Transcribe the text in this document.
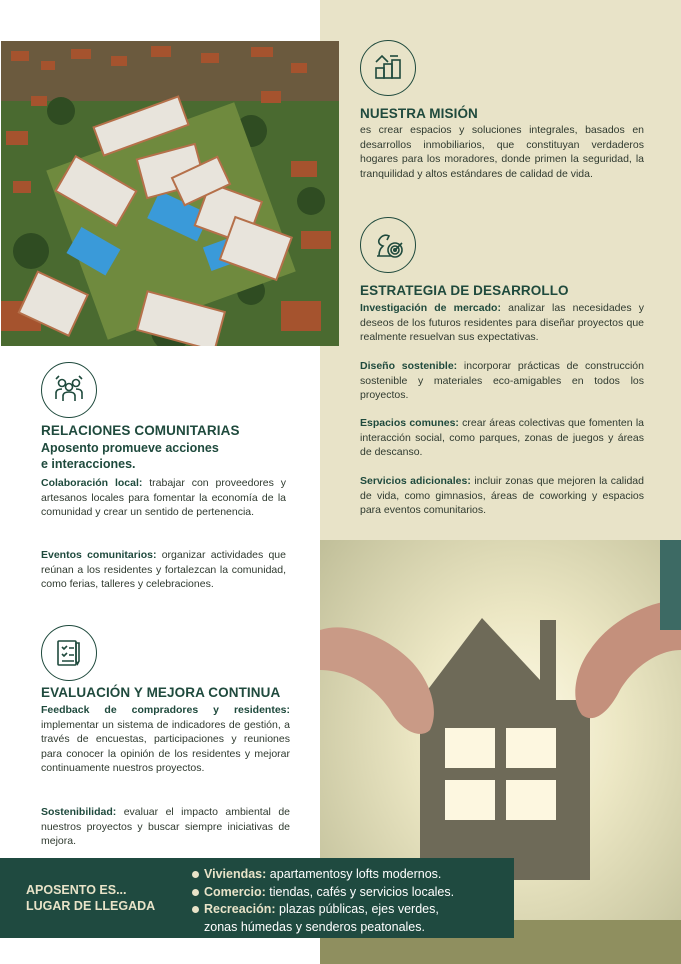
NUESTRA MISIÓN
es crear espacios y soluciones integrales, basados en desarrollos inmobiliarios, que constituyan verdaderos hogares para los moradores, donde primen la seguridad, la tranquilidad y altos estándares de calidad de vida.
ESTRATEGIA DE DESARROLLO
Investigación de mercado: analizar las necesidades y deseos de los futuros residentes para diseñar proyectos que realmente resuelvan sus expectativas.
Diseño sostenible: incorporar prácticas de construcción sostenible y materiales eco-amigables en todos los proyectos.
Espacios comunes: crear áreas colectivas que fomenten la interacción social, como parques, zonas de juegos y áreas de descanso.
Servicios adicionales: incluir zonas que mejoren la calidad de vida, como gimnasios, áreas de coworking y espacios para eventos comunitarios.
RELACIONES COMUNITARIAS
Aposento promueve acciones
e interacciones.
Colaboración local: trabajar con proveedores y artesanos locales para fomentar la economía de la comunidad y crear un sentido de pertenencia.
Eventos comunitarios: organizar actividades que reúnan a los residentes y fortalezcan la comunidad, como ferias, talleres y celebraciones.
EVALUACIÓN Y MEJORA CONTINUA
Feedback de compradores y residentes: implementar un sistema de indicadores de gestión, a través de encuestas, participaciones y reuniones para conocer la opinión de los residentes y mejorar continuamente nuestros proyectos.
Sostenibilidad: evaluar el impacto ambiental de nuestros proyectos y buscar siempre iniciativas de mejora.
APOSENTO ES...
LUGAR DE LLEGADA
Viviendas: apartamentosy lofts modernos.
Comercio: tiendas, cafés y servicios locales.
Recreación: plazas públicas, ejes verdes,
zonas húmedas y senderos peatonales.
